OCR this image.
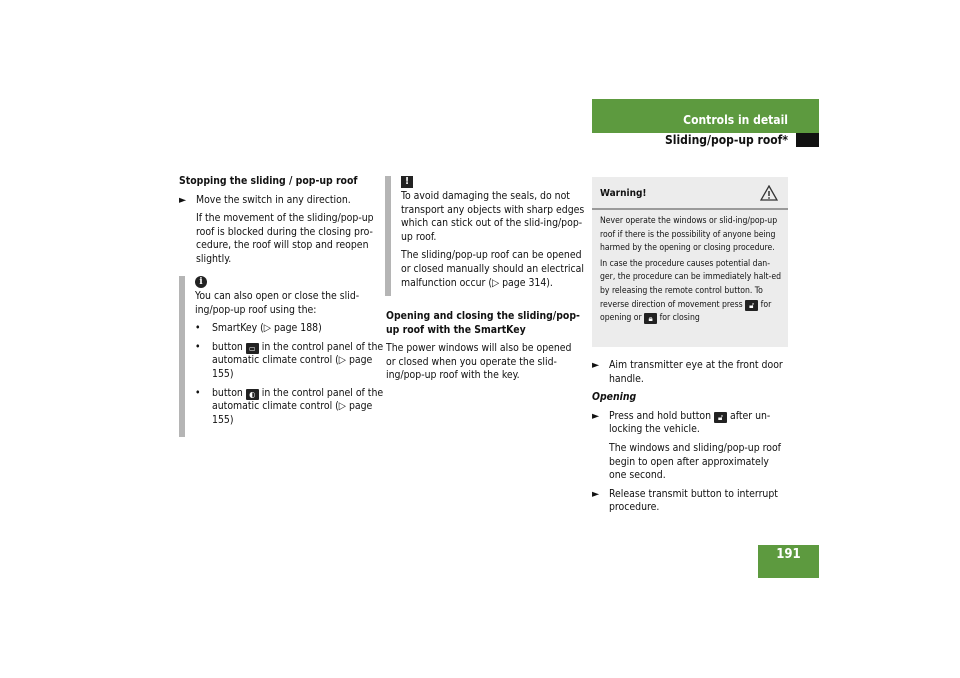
Controls in detail
Sliding/pop-up roof*

Stopping the sliding / pop-up roof

► Move the switch in any direction.

If the movement of the sliding/pop-up roof is blocked during the closing pro-cedure, the roof will stop and reopen slightly.

i

You can also open or close the slid-ing/pop-up roof using the:

• SmartKey (▷ page 188)
• button ▭ in the control panel of the automatic climate control (▷ page 155)
• button ◐ in the control panel of the automatic climate control (▷ page 155)
!

To avoid damaging the seals, do not transport any objects with sharp edges which can stick out of the slid-ing/pop-up roof.

The sliding/pop-up roof can be opened or closed manually should an electrical malfunction occur (▷ page 314).

Opening and closing the sliding/pop-up roof with the SmartKey

The power windows will also be opened or closed when you operate the slid-ing/pop-up roof with the key.

Warning!

Never operate the windows or slid-ing/pop-up roof if there is the possibility of anyone being harmed by the opening or closing procedure.

In case the procedure causes potential dan-ger, the procedure can be immediately halt-ed by releasing the remote control button. To reverse direction of movement press 🔓︎ for opening or 🔒︎ for closing

► Aim transmitter eye at the front door handle.

Opening

► Press and hold button 🔓︎ after un-locking the vehicle.

The windows and sliding/pop-up roof begin to open after approximately one second.

► Release transmit button to interrupt procedure.
191
